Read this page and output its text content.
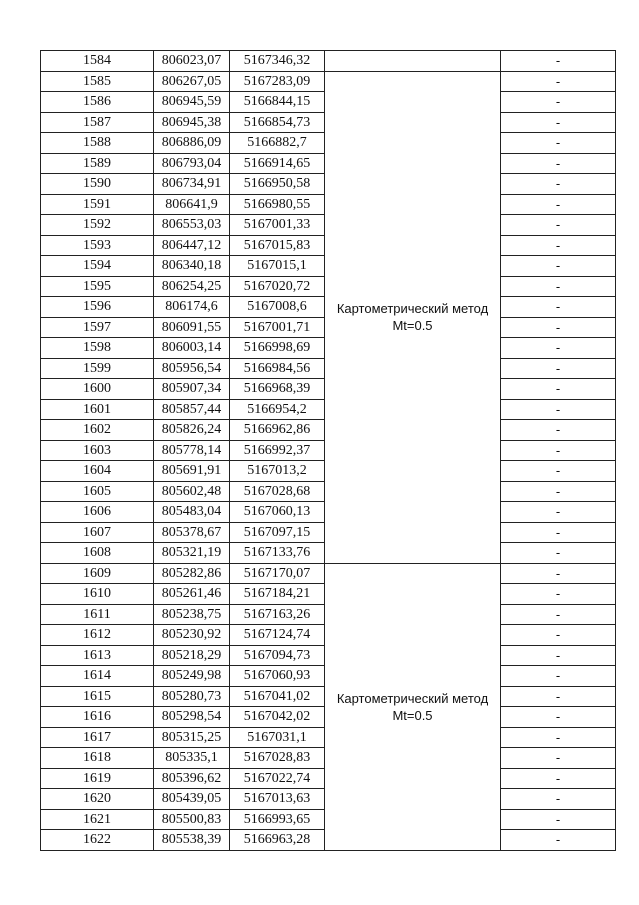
1584	806023,07	5167346,32		-
1585	806267,05	5167283,09	Картометрический метод Mt=0.5	-
1586	806945,59	5166844,15		-
1587	806945,38	5166854,73		-
1588	806886,09	5166882,7		-
1589	806793,04	5166914,65		-
1590	806734,91	5166950,58		-
1591	806641,9	5166980,55		-
1592	806553,03	5167001,33		-
1593	806447,12	5167015,83		-
1594	806340,18	5167015,1		-
1595	806254,25	5167020,72		-
1596	806174,6	5167008,6		-
1597	806091,55	5167001,71		-
1598	806003,14	5166998,69		-
1599	805956,54	5166984,56		-
1600	805907,34	5166968,39		-
1601	805857,44	5166954,2		-
1602	805826,24	5166962,86		-
1603	805778,14	5166992,37		-
1604	805691,91	5167013,2		-
1605	805602,48	5167028,68		-
1606	805483,04	5167060,13		-
1607	805378,67	5167097,15		-
1608	805321,19	5167133,76		-
1609	805282,86	5167170,07	Картометрический метод Mt=0.5	-
1610	805261,46	5167184,21		-
1611	805238,75	5167163,26		-
1612	805230,92	5167124,74		-
1613	805218,29	5167094,73		-
1614	805249,98	5167060,93		-
1615	805280,73	5167041,02		-
1616	805298,54	5167042,02		-
1617	805315,25	5167031,1		-
1618	805335,1	5167028,83		-
1619	805396,62	5167022,74		-
1620	805439,05	5167013,63		-
1621	805500,83	5166993,65		-
1622	805538,39	5166963,28		-
